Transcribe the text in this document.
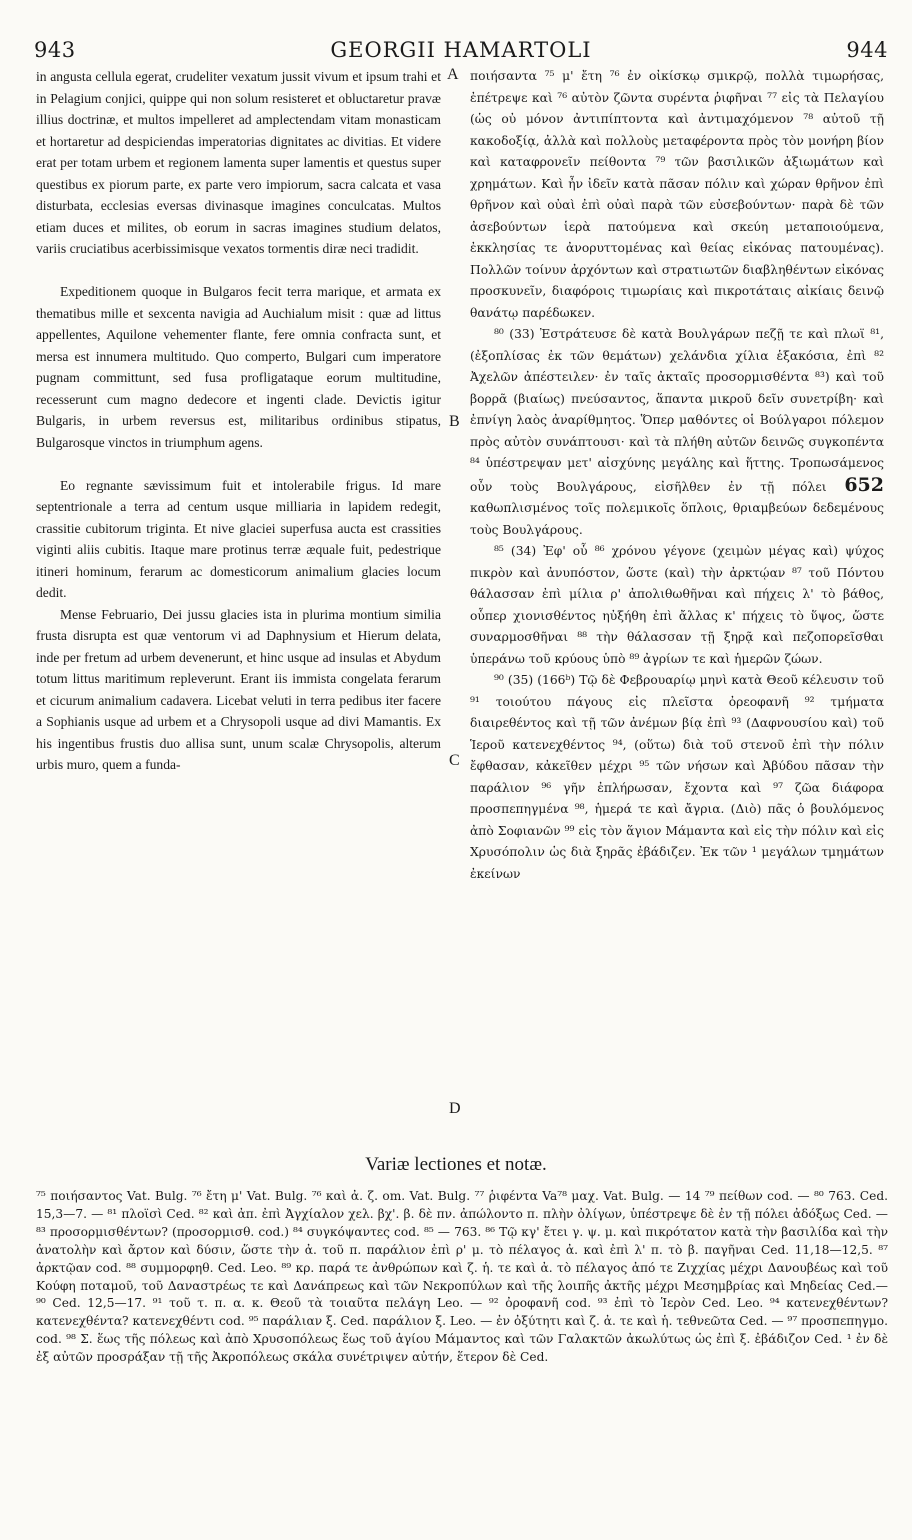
943	GEORGII HAMARTOLI	944

in angusta cellula egerat, crudeliter vexatum jussit vivum et ipsum trahi et in Pelagium conjici, quippe qui non solum resisteret et obluctaretur pravæ illius doctrinæ, et multos impelleret ad amplectendam vitam monasticam et hortaretur ad despiciendas imperatorias dignitates ac divitias. Et videre erat per totam urbem et regionem lamenta super lamentis et questus super questibus ex piorum parte, ex parte vero impiorum, sacra calcata et vasa disturbata, ecclesias eversas divinasque imagines conculcatas. Multos etiam duces et milites, ob eorum in sacras imagines studium delatos, variis cruciatibus acerbissimisque vexatos tormentis diræ neci tradidit.

Expeditionem quoque in Bulgaros fecit terra marique, et armata ex thematibus mille et sexcenta navigia ad Auchialum misit : quæ ad littus appellentes, Aquilone vehementer flante, fere omnia confracta sunt, et mersa est innumera multitudo. Quo comperto, Bulgari cum imperatore pugnam committunt, sed fusa profligataque eorum multitudine, recesserunt cum magno dedecore et ingenti clade. Devictis igitur Bulgaris, in urbem reversus est, militaribus ordinibus stipatus, Bulgarosque vinctos in triumphum agens.

Eo regnante sævissimum fuit et intolerabile frigus. Id mare septentrionale a terra ad centum usque milliaria in lapidem redegit, crassitie cubitorum triginta. Et nive glaciei superfusa aucta est crassities viginti aliis cubitis. Itaque mare protinus terræ æquale fuit, pedestrique itineri hominum, ferarum ac domesticorum animalium glacies locum dedit.

Mense Februario, Dei jussu glacies ista in plurima montium similia frusta disrupta est quæ ventorum vi ad Daphnysium et Hierum delata, inde per fretum ad urbem devenerunt, et hinc usque ad insulas et Abydum totum littus maritimum repleverunt. Erant iis immista congelata ferarum et cicurum animalium cadavera. Licebat veluti in terra pedibus iter facere a Sophianis usque ad urbem et a Chrysopoli usque ad divi Mamantis. Ex his ingentibus frustis duo allisa sunt, unum scalæ Chrysopolis, alterum urbis muro, quem a funda-

A
B
C
D

ποιήσαντα ⁷⁵ μ' ἔτη ⁷⁶ ἐν οἰκίσκῳ σμικρῷ, πολλὰ τιμωρήσας, ἐπέτρεψε καὶ ⁷⁶ αὐτὸν ζῶντα συρέντα ῥιφῆναι ⁷⁷ εἰς τὰ Πελαγίου (ὡς οὐ μόνον ἀντιπίπτοντα καὶ ἀντιμαχόμενον ⁷⁸ αὐτοῦ τῇ κακοδοξίᾳ, ἀλλὰ καὶ πολλοὺς μεταφέροντα πρὸς τὸν μονήρη βίον καὶ καταφρονεῖν πείθοντα ⁷⁹ τῶν βασιλικῶν ἀξιωμάτων καὶ χρημάτων. Καὶ ἦν ἰδεῖν κατὰ πᾶσαν πόλιν καὶ χώραν θρῆνον ἐπὶ θρῆνον καὶ οὐαὶ ἐπὶ οὐαὶ παρὰ τῶν εὐσεβούντων· παρὰ δὲ τῶν ἀσεβούντων ἱερὰ πατούμενα καὶ σκεύη μεταποιούμενα, ἐκκλησίας τε ἀνορυττομένας καὶ θείας εἰκόνας πατουμένας). Πολλῶν τοίνυν ἀρχόντων καὶ στρατιωτῶν διαβληθέντων εἰκόνας προσκυνεῖν, διαφόροις τιμωρίαις καὶ πικροτάταις αἰκίαις δεινῷ θανάτῳ παρέδωκεν.

⁸⁰ (33) Ἐστράτευσε δὲ κατὰ Βουλγάρων πεζῇ τε καὶ πλωϊ ⁸¹, (ἐξοπλίσας ἐκ τῶν θεμάτων) χελάνδια χίλια ἑξακόσια, ἐπὶ ⁸² Ἀχελῶν ἀπέστειλεν· ἐν ταῖς ἀκταῖς προσορμισθέντα ⁸³) καὶ τοῦ βορρᾶ (βιαίως) πνεύσαντος, ἅπαντα μικροῦ δεῖν συνετρίβη· καὶ ἐπνίγη λαὸς ἀναρίθμητος. Ὅπερ μαθόντες οἱ Βούλγαροι πόλεμον πρὸς αὐτὸν συνάπτουσι· καὶ τὰ πλήθη αὐτῶν δεινῶς συγκοπέντα ⁸⁴ ὑπέστρεψαν μετ' αἰσχύνης μεγάλης καὶ ἥττης. Τροπωσάμενος οὖν τοὺς Βουλγάρους, εἰσῆλθεν ἐν τῇ πόλει 652 καθωπλισμένος τοῖς πολεμικοῖς ὅπλοις, θριαμβεύων δεδεμένους τοὺς Βουλγάρους.

⁸⁵ (34) Ἐφ' οὗ ⁸⁶ χρόνου γέγονε (χειμὼν μέγας καὶ) ψύχος πικρὸν καὶ ἀνυπόστον, ὥστε (καὶ) τὴν ἀρκτῴαν ⁸⁷ τοῦ Πόντου θάλασσαν ἐπὶ μίλια ρ' ἀπολιθωθῆναι καὶ πήχεις λ' τὸ βάθος, οὗπερ χιονισθέντος ηὐξήθη ἐπὶ ἄλλας κ' πήχεις τὸ ὕψος, ὥστε συναρμοσθῆναι ⁸⁸ τὴν θάλασσαν τῇ ξηρᾷ καὶ πεζοπορεῖσθαι ὑπεράνω τοῦ κρύους ὑπὸ ⁸⁹ ἀγρίων τε καὶ ἡμερῶν ζώων.

⁹⁰ (35) (166ᵇ) Τῷ δὲ Φεβρουαρίῳ μηνὶ κατὰ Θεοῦ κέλευσιν τοῦ ⁹¹ τοιούτου πάγους εἰς πλεῖστα ὀρεοφανῆ ⁹² τμήματα διαιρεθέντος καὶ τῇ τῶν ἀνέμων βίᾳ ἐπὶ ⁹³ (Δαφνουσίου καὶ) τοῦ Ἱεροῦ κατενεχθέντος ⁹⁴, (οὕτω) διὰ τοῦ στενοῦ ἐπὶ τὴν πόλιν ἔφθασαν, κἀκεῖθεν μέχρι ⁹⁵ τῶν νήσων καὶ Ἀβύδου πᾶσαν τὴν παράλιον ⁹⁶ γῆν ἐπλήρωσαν, ἔχοντα καὶ ⁹⁷ ζῶα διάφορα προσπεπηγμένα ⁹⁸, ἡμερά τε καὶ ἄγρια. (Διὸ) πᾶς ὁ βουλόμενος ἀπὸ Σοφιανῶν ⁹⁹ εἰς τὸν ἅγιον Μάμαντα καὶ εἰς τὴν πόλιν καὶ εἰς Χρυσόπολιν ὡς διὰ ξηρᾶς ἐβάδιζεν. Ἐκ τῶν ¹ μεγάλων τμημάτων ἐκείνων

Variæ lectiones et notæ.

⁷⁵ ποιήσαντος Vat. Bulg. ⁷⁶ ἔτη μ' Vat. Bulg. ⁷⁶ καὶ ἀ. ζ. om. Vat. Bulg. ⁷⁷ ῥιφέντα Va⁷⁸ μαχ. Vat. Bulg. — 14 ⁷⁹ πείθων cod. — ⁸⁰ 763. Ced. 15,3—7. — ⁸¹ πλοϊσὶ Ced. ⁸² καὶ ἀπ. ἐπὶ Ἀγχίαλον χελ. βχ'. β. δὲ πν. ἀπώλοντο π. πλὴν ὀλίγων, ὑπέστρεψε δὲ ἐν τῇ πόλει ἀδόξως Ced. — ⁸³ προσορμισθέντων? (προσορμισθ. cod.) ⁸⁴ συγκόψαντες cod. ⁸⁵ — 763. ⁸⁶ Τῷ κγ' ἔτει γ. ψ. μ. καὶ πικρότατον κατὰ τὴν βασιλίδα καὶ τὴν ἀνατολὴν καὶ ἄρτον καὶ δύσιν, ὥστε τὴν ἀ. τοῦ π. παράλιον ἐπὶ ρ' μ. τὸ πέλαγος ἀ. καὶ ἐπὶ λ' π. τὸ β. παγῆναι Ced. 11,18—12,5. ⁸⁷ ἀρκτῷαν cod. ⁸⁸ συμμορφηθ. Ced. Leo. ⁸⁹ κρ. παρά τε ἀνθρώπων καὶ ζ. ἡ. τε καὶ ἀ. τὸ πέλαγος ἀπό τε Ζιχχίας μέχρι Δανουβέως καὶ τοῦ Κούφη ποταμοῦ, τοῦ Δαναστρέως τε καὶ Δανάπρεως καὶ τῶν Νεκροπύλων καὶ τῆς λοιπῆς ἀκτῆς μέχρι Μεσημβρίας καὶ Μηδείας Ced.— ⁹⁰ Ced. 12,5—17. ⁹¹ τοῦ τ. π. α. κ. Θεοῦ τὰ τοιαῦτα πελάγη Leo. — ⁹² ὀροφανῆ cod. ⁹³ ἐπὶ τὸ Ἱερὸν Ced. Leo. ⁹⁴ κατενεχθέντων? κατενεχθέντα? κατενεχθέντι cod. ⁹⁵ παράλιαν ξ. Ced. παράλιον ξ. Leo. — ἐν ὀξύτητι καὶ ζ. ἀ. τε καὶ ἡ. τεθνεῶτα Ced. — ⁹⁷ προσπεπηγμο. cod. ⁹⁸ Σ. ἕως τῆς πόλεως καὶ ἀπὸ Χρυσοπόλεως ἕως τοῦ ἁγίου Μάμαντος καὶ τῶν Γαλακτῶν ἀκωλύτως ὡς ἐπὶ ξ. ἐβάδιζον Ced. ¹ ἐν δὲ ἐξ αὐτῶν προσράξαν τῇ τῆς Ἀκροπόλεως σκάλα συνέτριψεν αὐτήν, ἕτερον δὲ Ced.
